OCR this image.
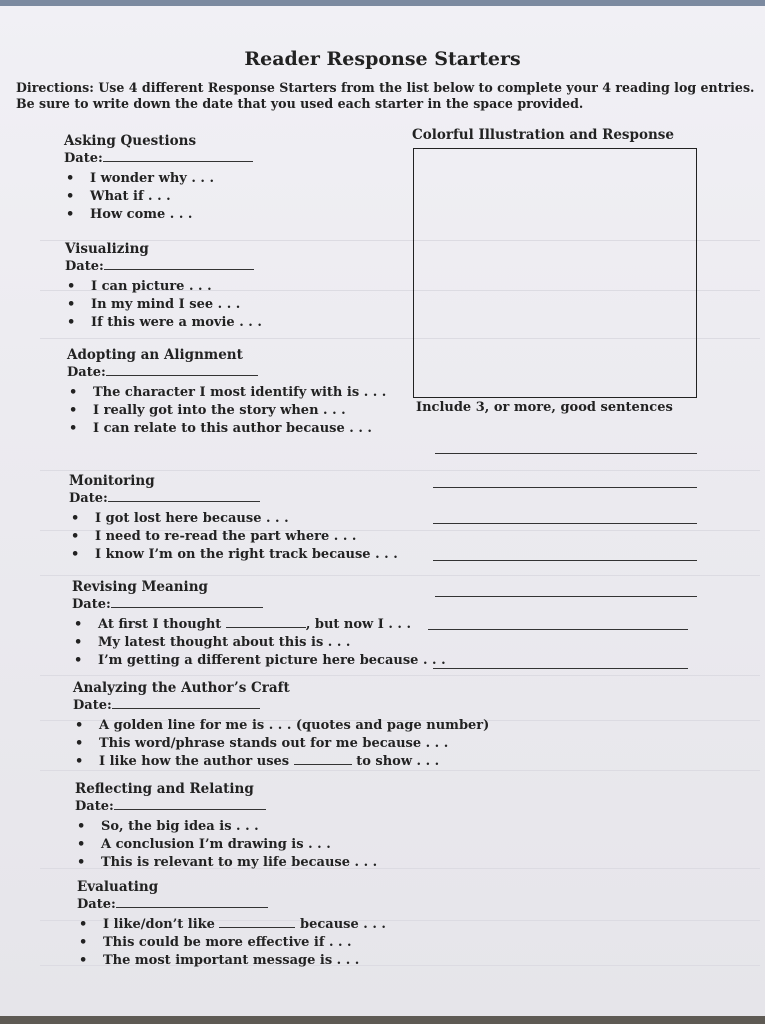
Reader Response Starters
Directions: Use 4 different Response Starters from the list below to complete your 4 reading log entries.
Be sure to write down the date that you used each starter in the space provided.
Asking Questions
Date:
• I wonder why . . .
• What if . . .
• How come . . .
Visualizing
Date:
• I can picture . . .
• In my mind I see . . .
• If this were a movie . . .
Adopting an Alignment
Date:
• The character I most identify with is . . .
• I really got into the story when . . .
• I can relate to this author because . . .
Monitoring
Date:
• I got lost here because . . .
• I need to re-read the part where . . .
• I know I’m on the right track because . . .
Revising Meaning
Date:
• At first I thought	, but now I . . .
• My latest thought about this is . . .
• I’m getting a different picture here because . . .
Analyzing the Author’s Craft
Date:
• A golden line for me is . . . (quotes and page number)
• This word/phrase stands out for me because . . .
• I like how the author uses	to show . . .
Reflecting and Relating
Date:
• So, the big idea is . . .
• A conclusion I’m drawing is . . .
• This is relevant to my life because . . .
Evaluating
Date:
• I like/don’t like	because . . .
• This could be more effective if . . .
• The most important message is . . .
Colorful Illustration and Response
Include 3, or more, good sentences
